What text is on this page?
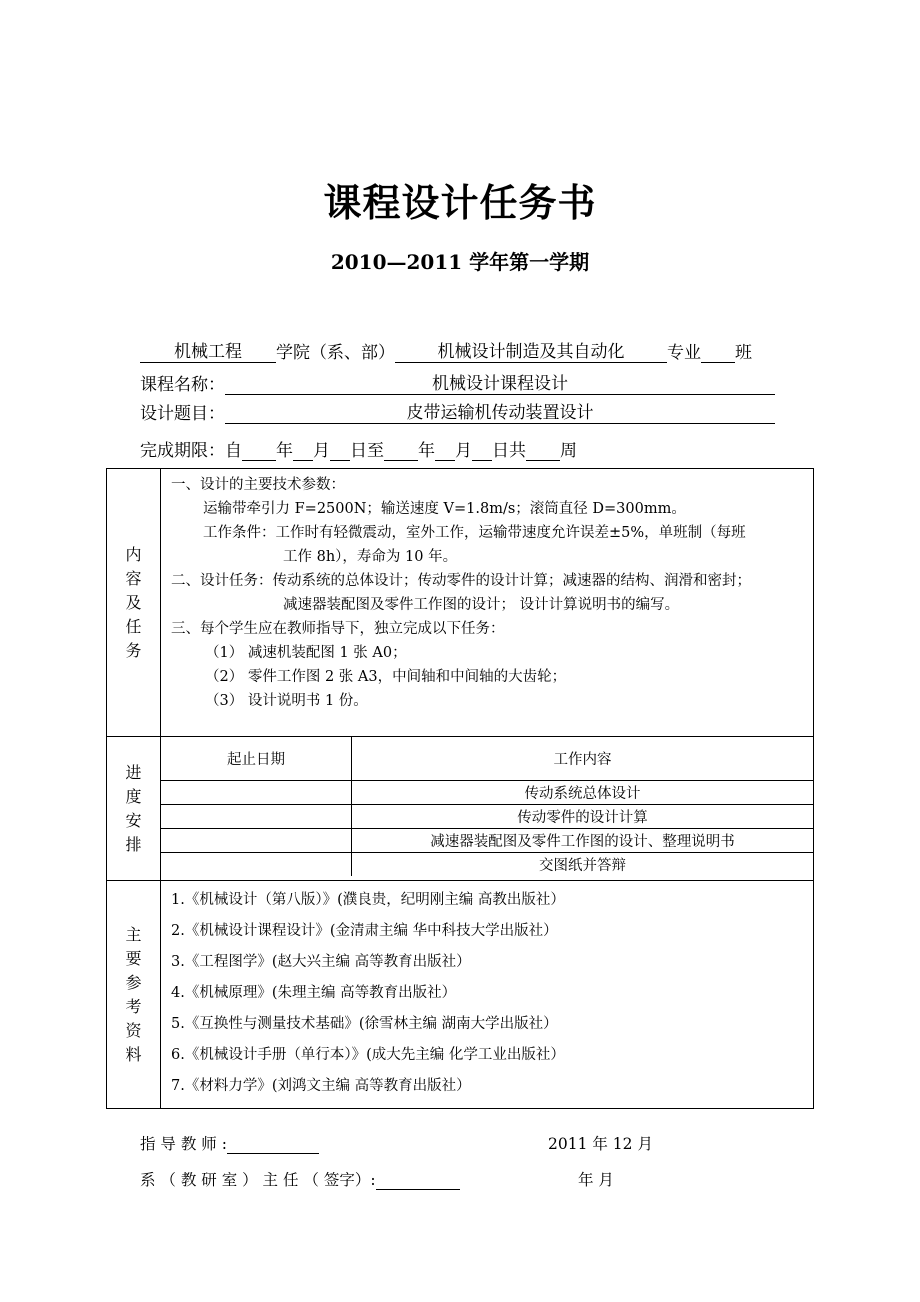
课程设计任务书
2010—2011 学年第一学期
机械工程 学院（系、部）	机械设计制造及其自动化	专业 班
课程名称：	机械设计课程设计
设计题目：	皮带运输机传动装置设计
完成期限：自 年 月 日至 年 月 日共 周
内
容
及
任
务

一、设计的主要技术参数：
运输带牵引力 F=2500N；输送速度 V=1.8m/s；滚筒直径 D=300mm。
工作条件：工作时有轻微震动，室外工作，运输带速度允许误差±5%，单班制（每班
工作 8h），寿命为 10 年。
二、设计任务：传动系统的总体设计；传动零件的设计计算；减速器的结构、润滑和密封；
减速器装配图及零件工作图的设计； 设计计算说明书的编写。
三、每个学生应在教师指导下，独立完成以下任务：
（1） 减速机装配图 1 张 A0；
（2） 零件工作图 2 张 A3，中间轴和中间轴的大齿轮；
（3） 设计说明书 1 份。

进
度
安
排

起止日期	工作内容
	传动系统总体设计
	传动零件的设计计算
	减速器装配图及零件工作图的设计、整理说明书
	交图纸并答辩

主
要
参
考
资
料

1.《机械设计（第八版）》(濮良贵，纪明刚主编 高教出版社）
2.《机械设计课程设计》(金清肃主编 华中科技大学出版社）
3.《工程图学》(赵大兴主编 高等教育出版社）
4.《机械原理》(朱理主编 高等教育出版社）
5.《互换性与测量技术基础》(徐雪林主编 湖南大学出版社）
6.《机械设计手册（单行本）》(成大先主编 化学工业出版社）
7.《材料力学》(刘鸿文主编 高等教育出版社）
指 导 教 师 :	2011 年 12 月
系 （ 教 研 室 ） 主 任 （ 签字）:	年 月
